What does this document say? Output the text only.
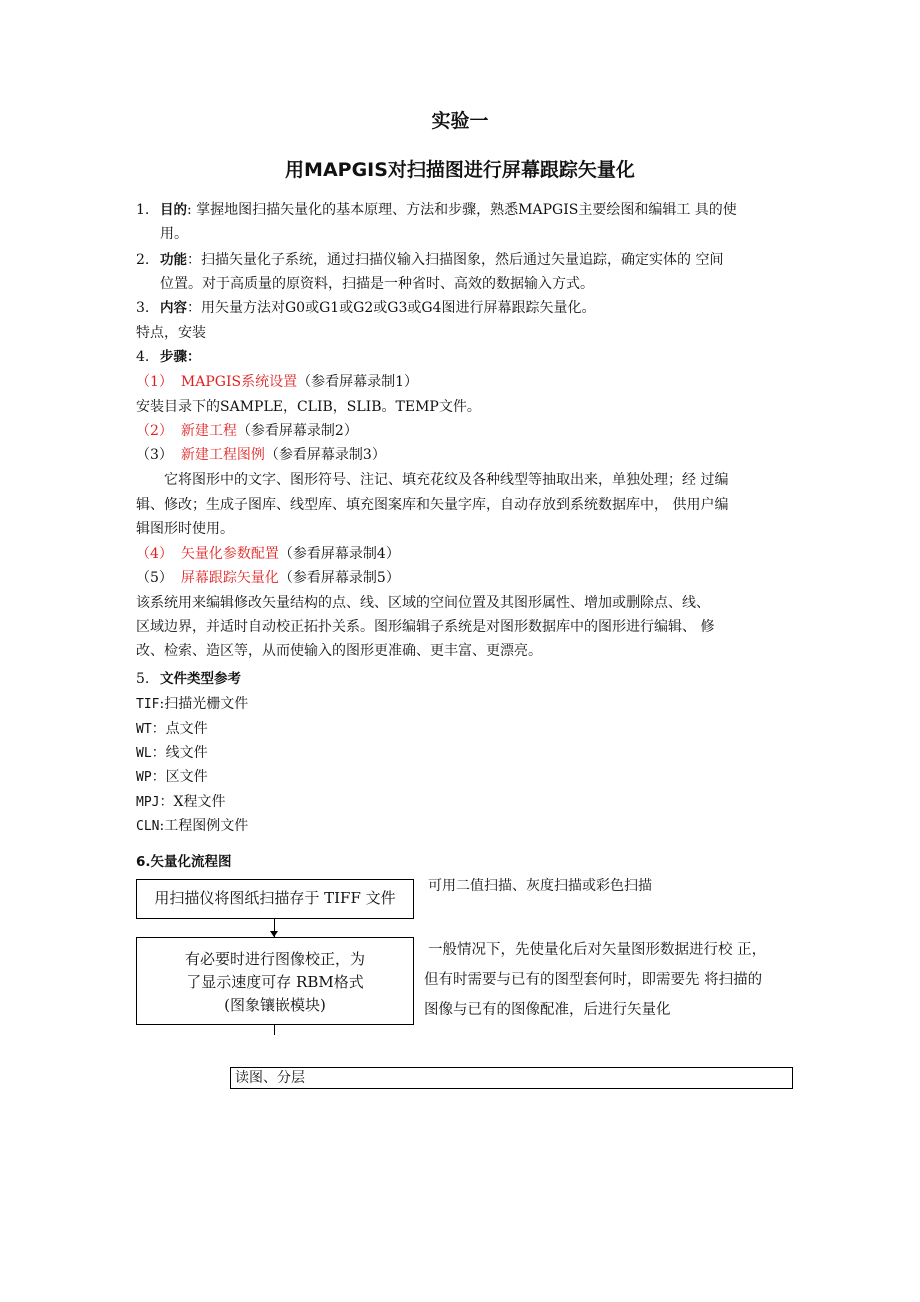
实验一
用MAPGIS对扫描图进行屏幕跟踪矢量化
1. 目的: 掌握地图扫描矢量化的基本原理、方法和步骤，熟悉MAPGIS主要绘图和编辑工 具的使
用。
2. 功能：扫描矢量化子系统，通过扫描仪输入扫描图象，然后通过矢量追踪，确定实体的 空间
位置。对于高质量的原资料，扫描是一种省时、高效的数据输入方式。
3. 内容：用矢量方法对G0或G1或G2或G3或G4图进行屏幕跟踪矢量化。
特点，安装
4. 步骤：
（1） MAPGIS系统设置（参看屏幕录制1）
安装目录下的SAMPLE，CLIB，SLIB。TEMP文件。
（2） 新建工程（参看屏幕录制2）
（3） 新建工程图例（参看屏幕录制3）
它将图形中的文字、图形符号、注记、填充花纹及各种线型等抽取出来，单独处理；经 过编
辑、修改；生成子图库、线型库、填充图案库和矢量字库，自动存放到系统数据库中， 供用户编
辑图形时使用。
（4） 矢量化参数配置（参看屏幕录制4）
（5） 屏幕跟踪矢量化（参看屏幕录制5）
该系统用来编辑修改矢量结构的点、线、区域的空间位置及其图形属性、增加或删除点、线、
区域边界，并适时自动校正拓扑关系。图形编辑子系统是对图形数据库中的图形进行编辑、 修
改、检索、造区等，从而使输入的图形更准确、更丰富、更漂亮。
5. 文件类型参考
TIF:扫描光栅文件
WT：点文件
WL：线文件
WP：区文件
MPJ：X程文件
CLN:工程图例文件
6.矢量化流程图
用扫描仪将图纸扫描存于 TIFF 文件
可用二值扫描、灰度扫描或彩色扫描
有必要时进行图像校正，为
了显示速度可存 RBM格式
(图象镶嵌模块)
一般情况下，先使量化后对矢量图形数据进行校 正，
但有时需要与已有的图型套何时，即需要先 将扫描的
图像与已有的图像配准，后进行矢量化
读图、分层
